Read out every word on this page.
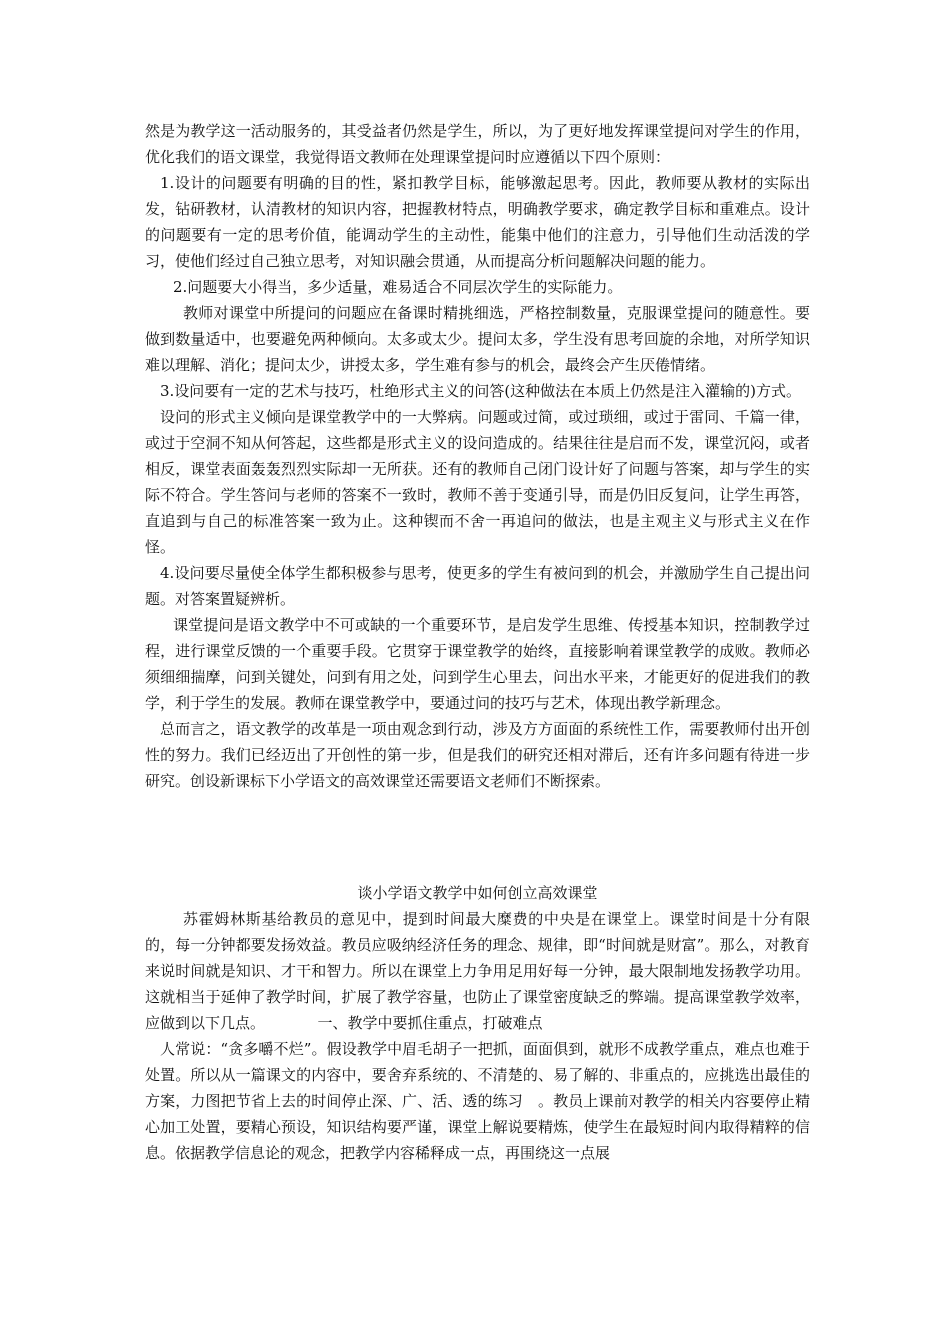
然是为教学这一活动服务的，其受益者仍然是学生，所以，为了更好地发挥课堂提问对学生的作用，优化我们的语文课堂，我觉得语文教师在处理课堂提问时应遵循以下四个原则：

1.设计的问题要有明确的目的性，紧扣教学目标，能够激起思考。因此，教师要从教材的实际出发，钻研教材，认清教材的知识内容，把握教材特点，明确教学要求，确定教学目标和重难点。设计的问题要有一定的思考价值，能调动学生的主动性，能集中他们的注意力，引导他们生动活泼的学习，使他们经过自己独立思考，对知识融会贯通，从而提高分析问题解决问题的能力。

2.问题要大小得当，多少适量，难易适合不同层次学生的实际能力。

教师对课堂中所提问的问题应在备课时精挑细选，严格控制数量，克服课堂提问的随意性。要做到数量适中，也要避免两种倾向。太多或太少。提问太多，学生没有思考回旋的余地，对所学知识难以理解、消化；提问太少，讲授太多，学生难有参与的机会，最终会产生厌倦情绪。

3.设问要有一定的艺术与技巧，杜绝形式主义的问答(这种做法在本质上仍然是注入灌输的)方式。

设问的形式主义倾向是课堂教学中的一大弊病。问题或过简，或过琐细，或过于雷同、千篇一律，或过于空洞不知从何答起，这些都是形式主义的设问造成的。结果往往是启而不发，课堂沉闷，或者相反，课堂表面轰轰烈烈实际却一无所获。还有的教师自己闭门设计好了问题与答案，却与学生的实际不符合。学生答问与老师的答案不一致时，教师不善于变通引导，而是仍旧反复问，让学生再答，直追到与自己的标准答案一致为止。这种锲而不舍一再追问的做法，也是主观主义与形式主义在作怪。

4.设问要尽量使全体学生都积极参与思考，使更多的学生有被问到的机会，并激励学生自己提出问题。对答案置疑辨析。

课堂提问是语文教学中不可或缺的一个重要环节，是启发学生思维、传授基本知识，控制教学过程，进行课堂反馈的一个重要手段。它贯穿于课堂教学的始终，直接影响着课堂教学的成败。教师必须细细揣摩，问到关键处，问到有用之处，问到学生心里去，问出水平来，才能更好的促进我们的教学，利于学生的发展。教师在课堂教学中，要通过问的技巧与艺术，体现出教学新理念。

总而言之，语文教学的改革是一项由观念到行动，涉及方方面面的系统性工作，需要教师付出开创性的努力。我们已经迈出了开创性的第一步，但是我们的研究还相对滞后，还有许多问题有待进一步研究。创设新课标下小学语文的高效课堂还需要语文老师们不断探索。

谈小学语文教学中如何创立高效课堂

苏霍姆林斯基给教员的意见中，提到时间最大糜费的中央是在课堂上。课堂时间是十分有限的，每一分钟都要发扬效益。教员应吸纳经济任务的理念、规律，即“时间就是财富”。那么，对教育来说时间就是知识、才干和智力。所以在课堂上力争用足用好每一分钟，最大限制地发扬教学功用。这就相当于延伸了教学时间，扩展了教学容量，也防止了课堂密度缺乏的弊端。提高课堂教学效率，应做到以下几点。　　　　一、教学中要抓住重点，打破难点

人常说：“贪多嚼不烂”。假设教学中眉毛胡子一把抓，面面俱到，就形不成教学重点，难点也难于处置。所以从一篇课文的内容中，要舍弃系统的、不清楚的、易了解的、非重点的，应挑选出最佳的方案，力图把节省上去的时间停止深、广、活、透的练习　。教员上课前对教学的相关内容要停止精心加工处置，要精心预设，知识结构要严谨，课堂上解说要精炼，使学生在最短时间内取得精粹的信息。依据教学信息论的观念，把教学内容稀释成一点，再围绕这一点展
